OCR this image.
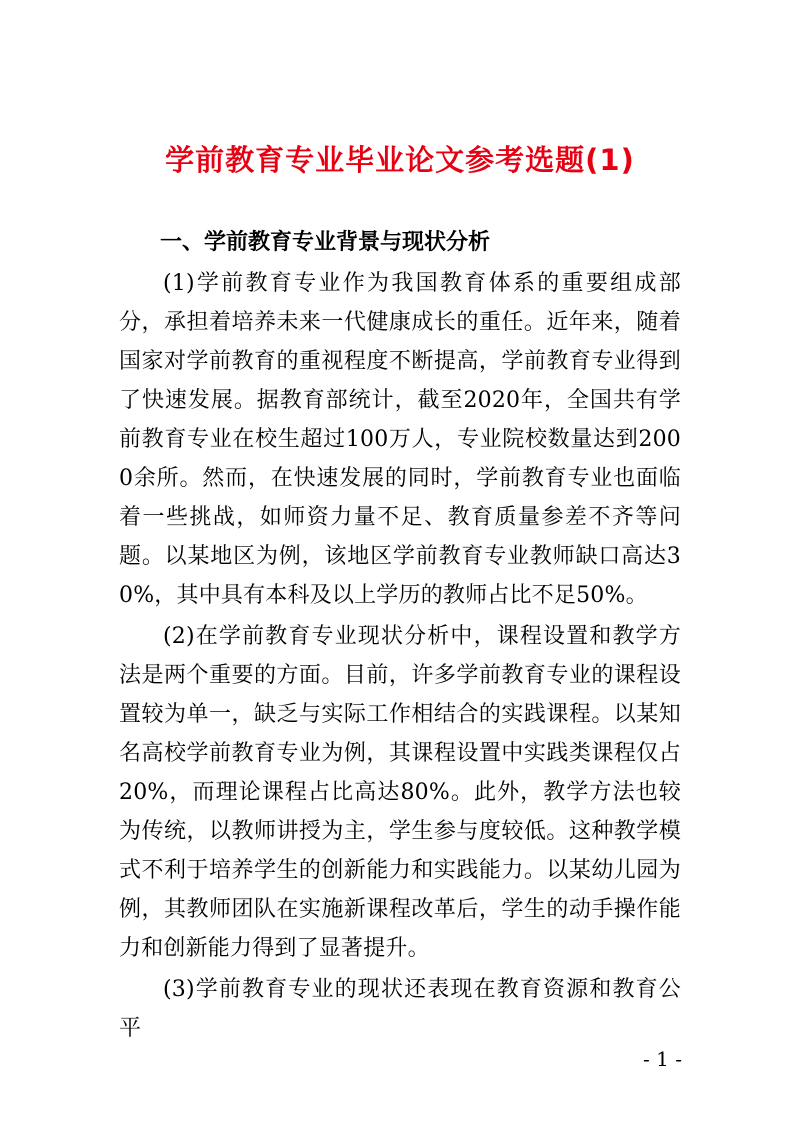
学前教育专业毕业论文参考选题(1)
一、学前教育专业背景与现状分析

(1)学前教育专业作为我国教育体系的重要组成部分，承担着培养未来一代健康成长的重任。近年来，随着国家对学前教育的重视程度不断提高，学前教育专业得到了快速发展。据教育部统计，截至2020年，全国共有学前教育专业在校生超过100万人，专业院校数量达到2000余所。然而，在快速发展的同时，学前教育专业也面临着一些挑战，如师资力量不足、教育质量参差不齐等问题。以某地区为例，该地区学前教育专业教师缺口高达30%，其中具有本科及以上学历的教师占比不足50%。

(2)在学前教育专业现状分析中，课程设置和教学方法是两个重要的方面。目前，许多学前教育专业的课程设置较为单一，缺乏与实际工作相结合的实践课程。以某知名高校学前教育专业为例，其课程设置中实践类课程仅占20%，而理论课程占比高达80%。此外，教学方法也较为传统，以教师讲授为主，学生参与度较低。这种教学模式不利于培养学生的创新能力和实践能力。以某幼儿园为例，其教师团队在实施新课程改革后，学生的动手操作能力和创新能力得到了显著提升。

(3)学前教育专业的现状还表现在教育资源和教育公平

- 1 -
